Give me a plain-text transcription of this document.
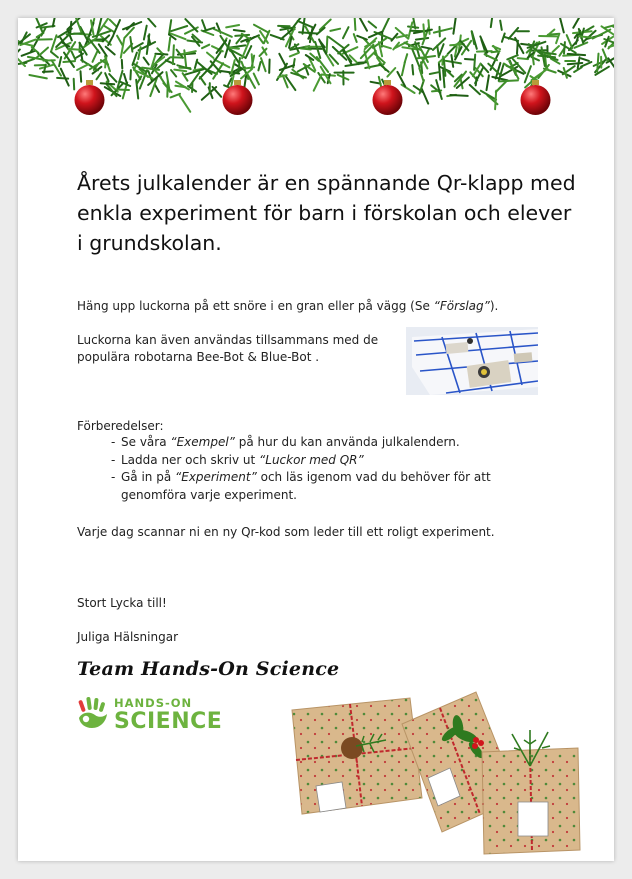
Årets julkalender är en spännande Qr-klapp med enkla experiment för barn i förskolan och elever i grundskolan.

Häng upp luckorna på ett snöre i en gran eller på vägg (Se “Förslag”).

Luckorna kan även användas tillsammans med de populära robotarna Bee-Bot & Blue-Bot .

Förberedelser:
- Se våra “Exempel” på hur du kan använda julkalendern.
- Ladda ner och skriv ut “Luckor med QR”
- Gå in på “Experiment” och läs igenom vad du behöver för att genomföra varje experiment.

Varje dag scannar ni en ny Qr-kod som leder till ett roligt experiment.

Stort Lycka till!

Juliga Hälsningar

Team Hands-On Science
HANDS-ON
SCIENCE
